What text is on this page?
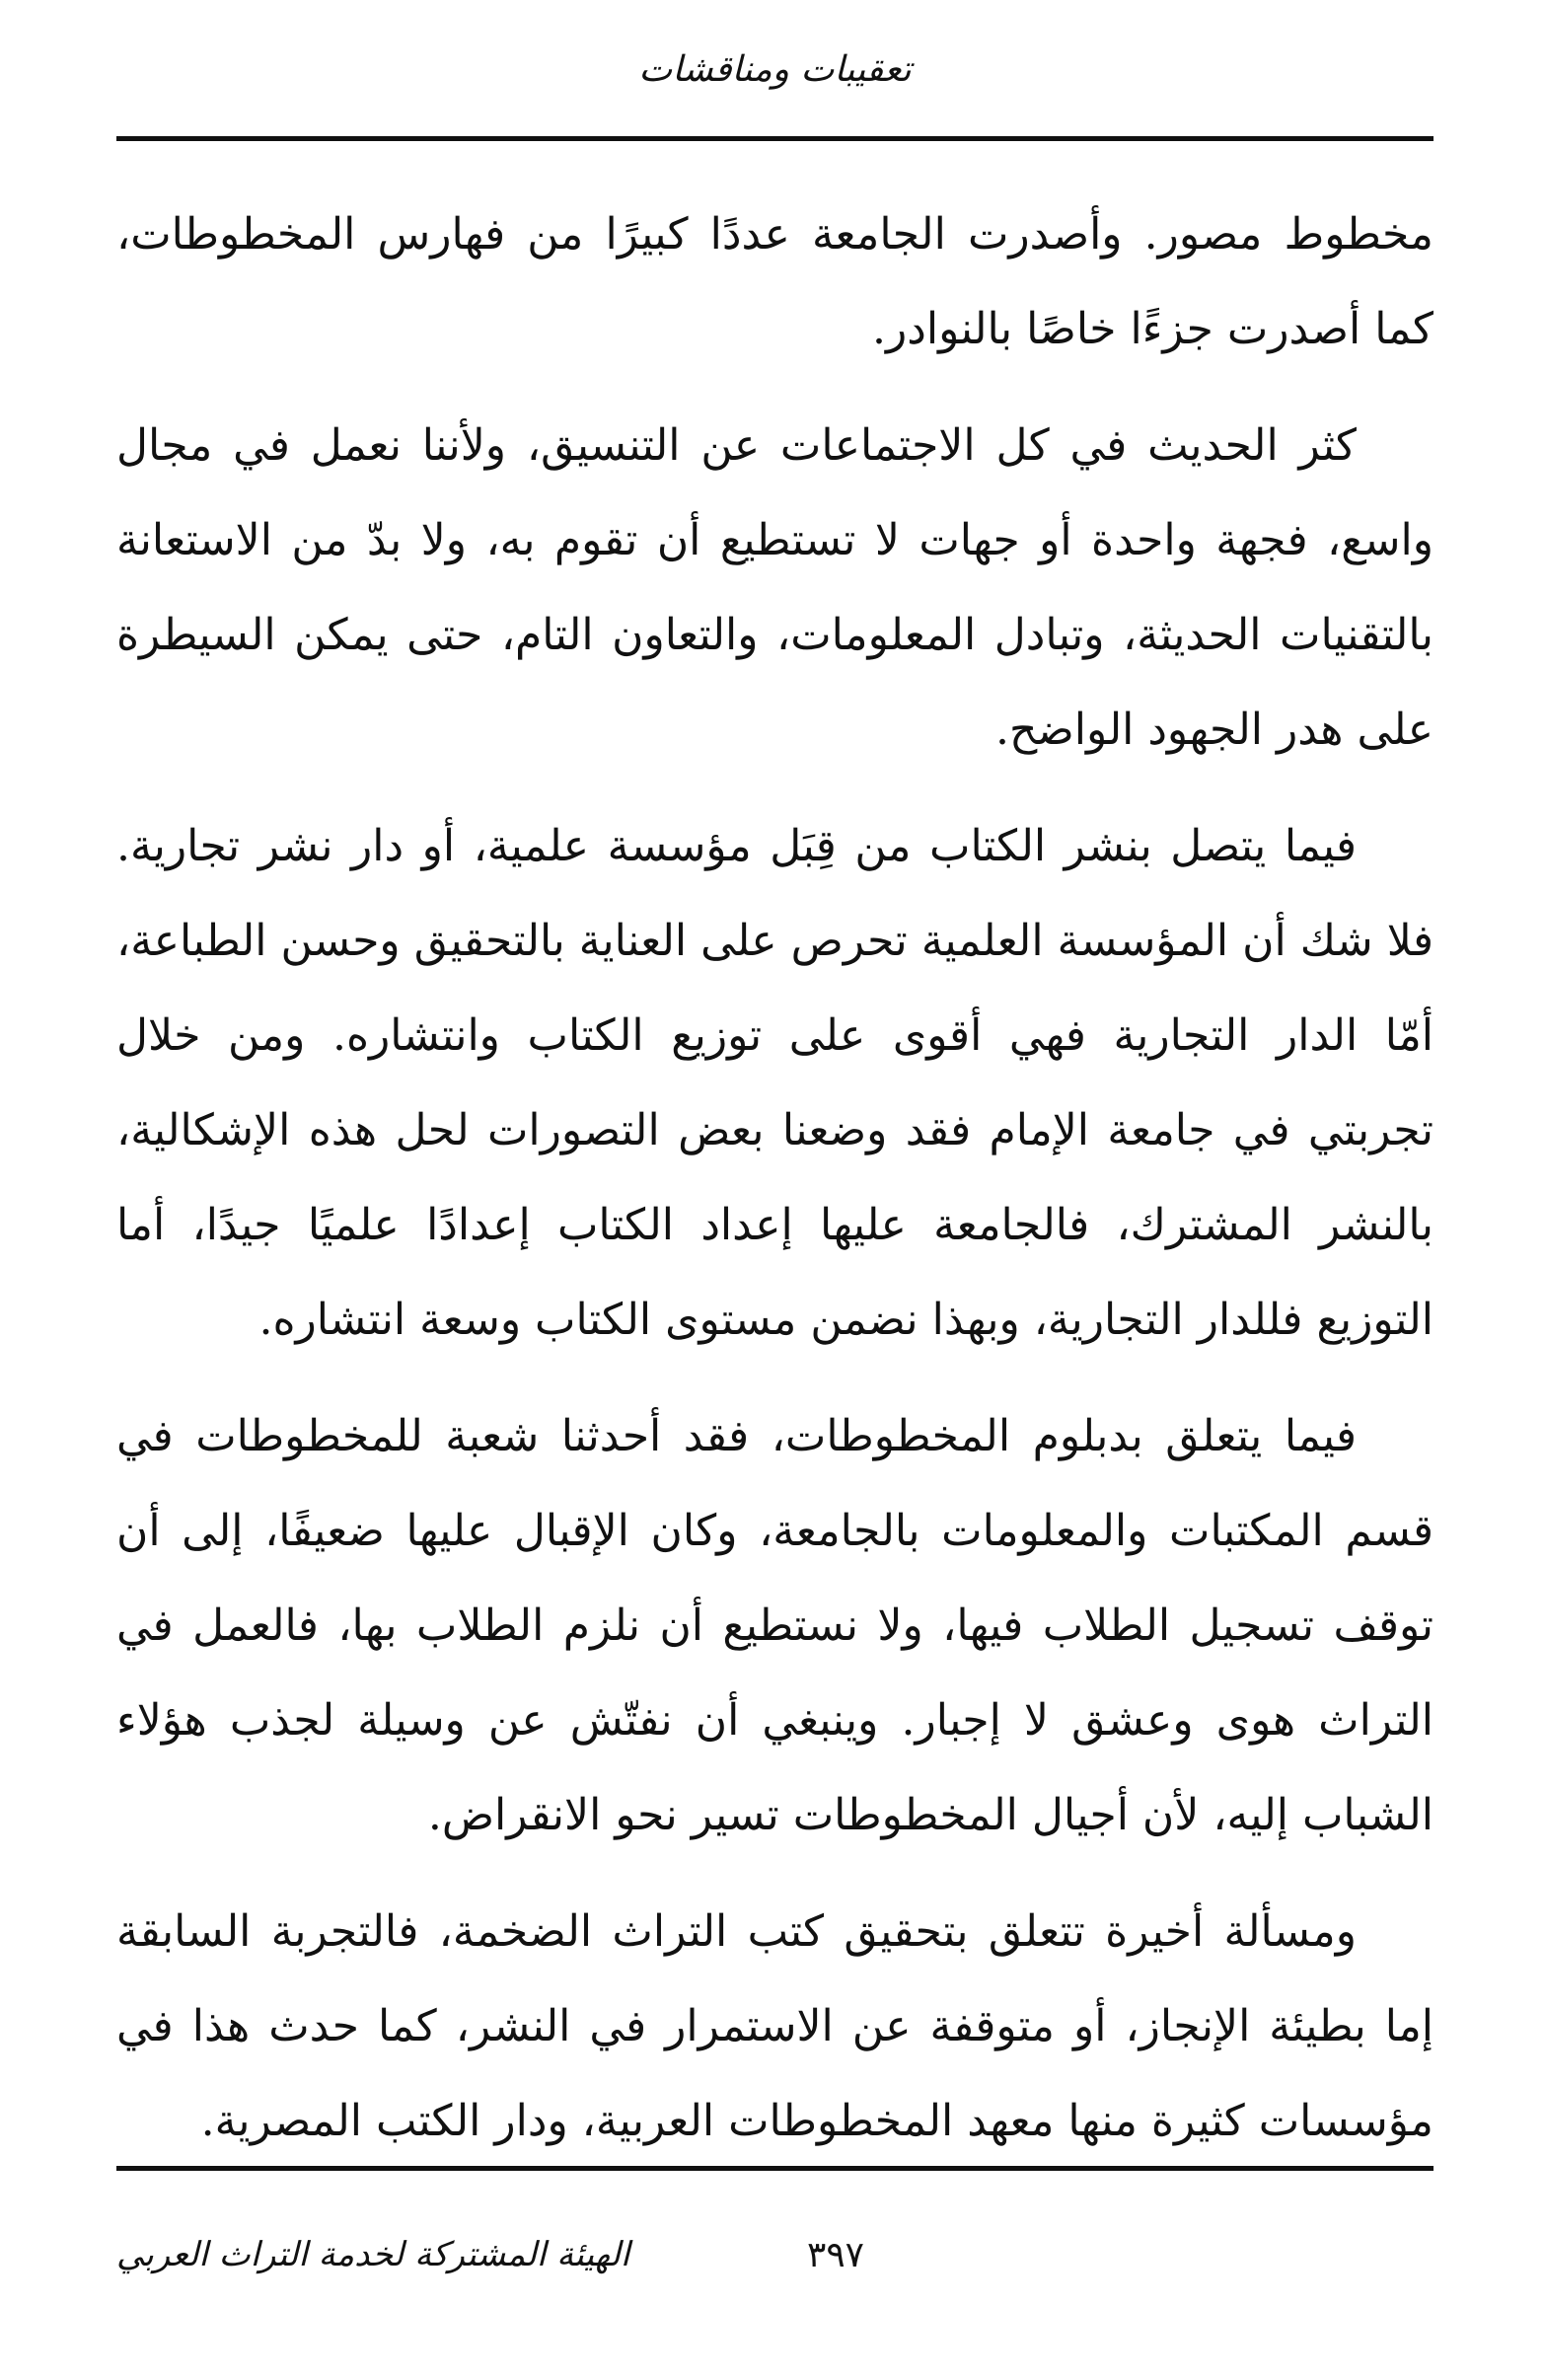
تعقيبات ومناقشات

مخطوط مصور. وأصدرت الجامعة عددًا كبيرًا من فهارس المخطوطات، كما أصدرت جزءًا خاصًا بالنوادر.

كثر الحديث في كل الاجتماعات عن التنسيق، ولأننا نعمل في مجال واسع، فجهة واحدة أو جهات لا تستطيع أن تقوم به، ولا بدّ من الاستعانة بالتقنيات الحديثة، وتبادل المعلومات، والتعاون التام، حتى يمكن السيطرة على هدر الجهود الواضح.

فيما يتصل بنشر الكتاب من قِبَل مؤسسة علمية، أو دار نشر تجارية. فلا شك أن المؤسسة العلمية تحرص على العناية بالتحقيق وحسن الطباعة، أمّا الدار التجارية فهي أقوى على توزيع الكتاب وانتشاره. ومن خلال تجربتي في جامعة الإمام فقد وضعنا بعض التصورات لحل هذه الإشكالية، بالنشر المشترك، فالجامعة عليها إعداد الكتاب إعدادًا علميًا جيدًا، أما التوزيع فللدار التجارية، وبهذا نضمن مستوى الكتاب وسعة انتشاره.

فيما يتعلق بدبلوم المخطوطات، فقد أحدثنا شعبة للمخطوطات في قسم المكتبات والمعلومات بالجامعة، وكان الإقبال عليها ضعيفًا، إلى أن توقف تسجيل الطلاب فيها، ولا نستطيع أن نلزم الطلاب بها، فالعمل في التراث هوى وعشق لا إجبار. وينبغي أن نفتّش عن وسيلة لجذب هؤلاء الشباب إليه، لأن أجيال المخطوطات تسير نحو الانقراض.

ومسألة أخيرة تتعلق بتحقيق كتب التراث الضخمة، فالتجربة السابقة إما بطيئة الإنجاز، أو متوقفة عن الاستمرار في النشر، كما حدث هذا في مؤسسات كثيرة منها معهد المخطوطات العربية، ودار الكتب المصرية.

٣٩٧
الهيئة المشتركة لخدمة التراث العربي
